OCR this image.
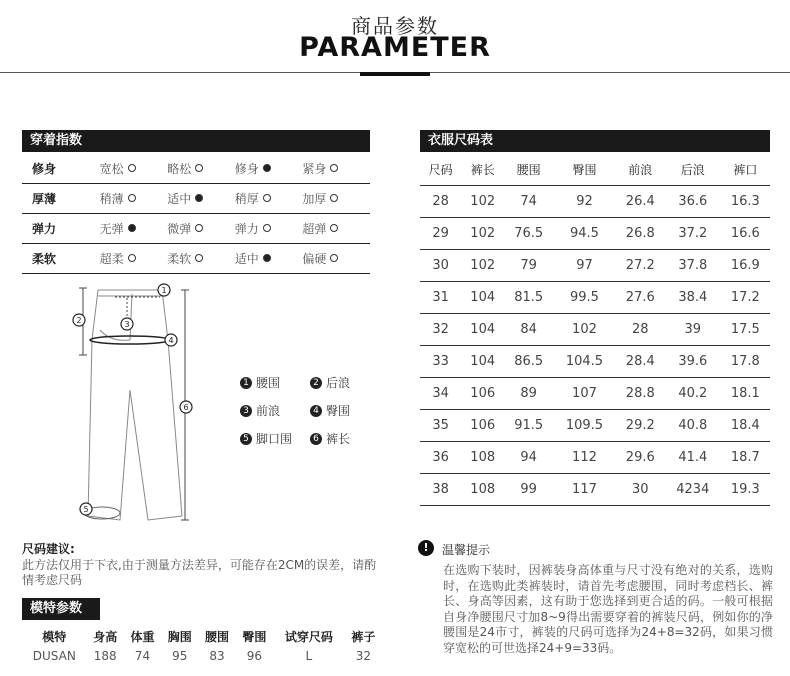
商品参数
PARAMETER
穿着指数
修身	宽松	略松	修身	紧身
厚薄	稍薄	适中	稍厚	加厚
弹力	无弹	微弹	弹力	超弹
柔软	超柔	柔软	适中	偏硬
1
2	3
4
5
6
1 腰围	2 后浪
3 前浪	4 臀围
5 脚口围	6 裤长
衣服尺码表
尺码	裤长	腰围	臀围	前浪	后浪	裤口
28	102	74	92	26.4	36.6	16.3
29	102	76.5	94.5	26.8	37.2	16.6
30	102	79	97	27.2	37.8	16.9
31	104	81.5	99.5	27.6	38.4	17.2
32	104	84	102	28	39	17.5
33	104	86.5	104.5	28.4	39.6	17.8
34	106	89	107	28.8	40.2	18.1
35	106	91.5	109.5	29.2	40.8	18.4
36	108	94	112	29.6	41.4	18.7
38	108	99	117	30	4234	19.3
尺码建议:
此方法仅用于下衣,由于测量方法差异，可能存在2CM的误差，请酌情考虑尺码
模特参数
模特	身高	体重	胸围	腰围	臀围	试穿尺码	裤子
DUSAN	188	74	95	83	96	L	32
!	温馨提示
在选购下装时，因裤装身高体重与尺寸没有绝对的关系，选购时，在选购此类裤装时，请首先考虑腰围，同时考虑档长、裤长、身高等因素，这有助于您选择到更合适的码。一般可根据自身净腰围尺寸加8~9得出需要穿着的裤装尺码，例如你的净腰围是24市寸，裤装的尺码可选择为24+8=32码，如果习惯穿宽松的可世选择24+9=33码。
